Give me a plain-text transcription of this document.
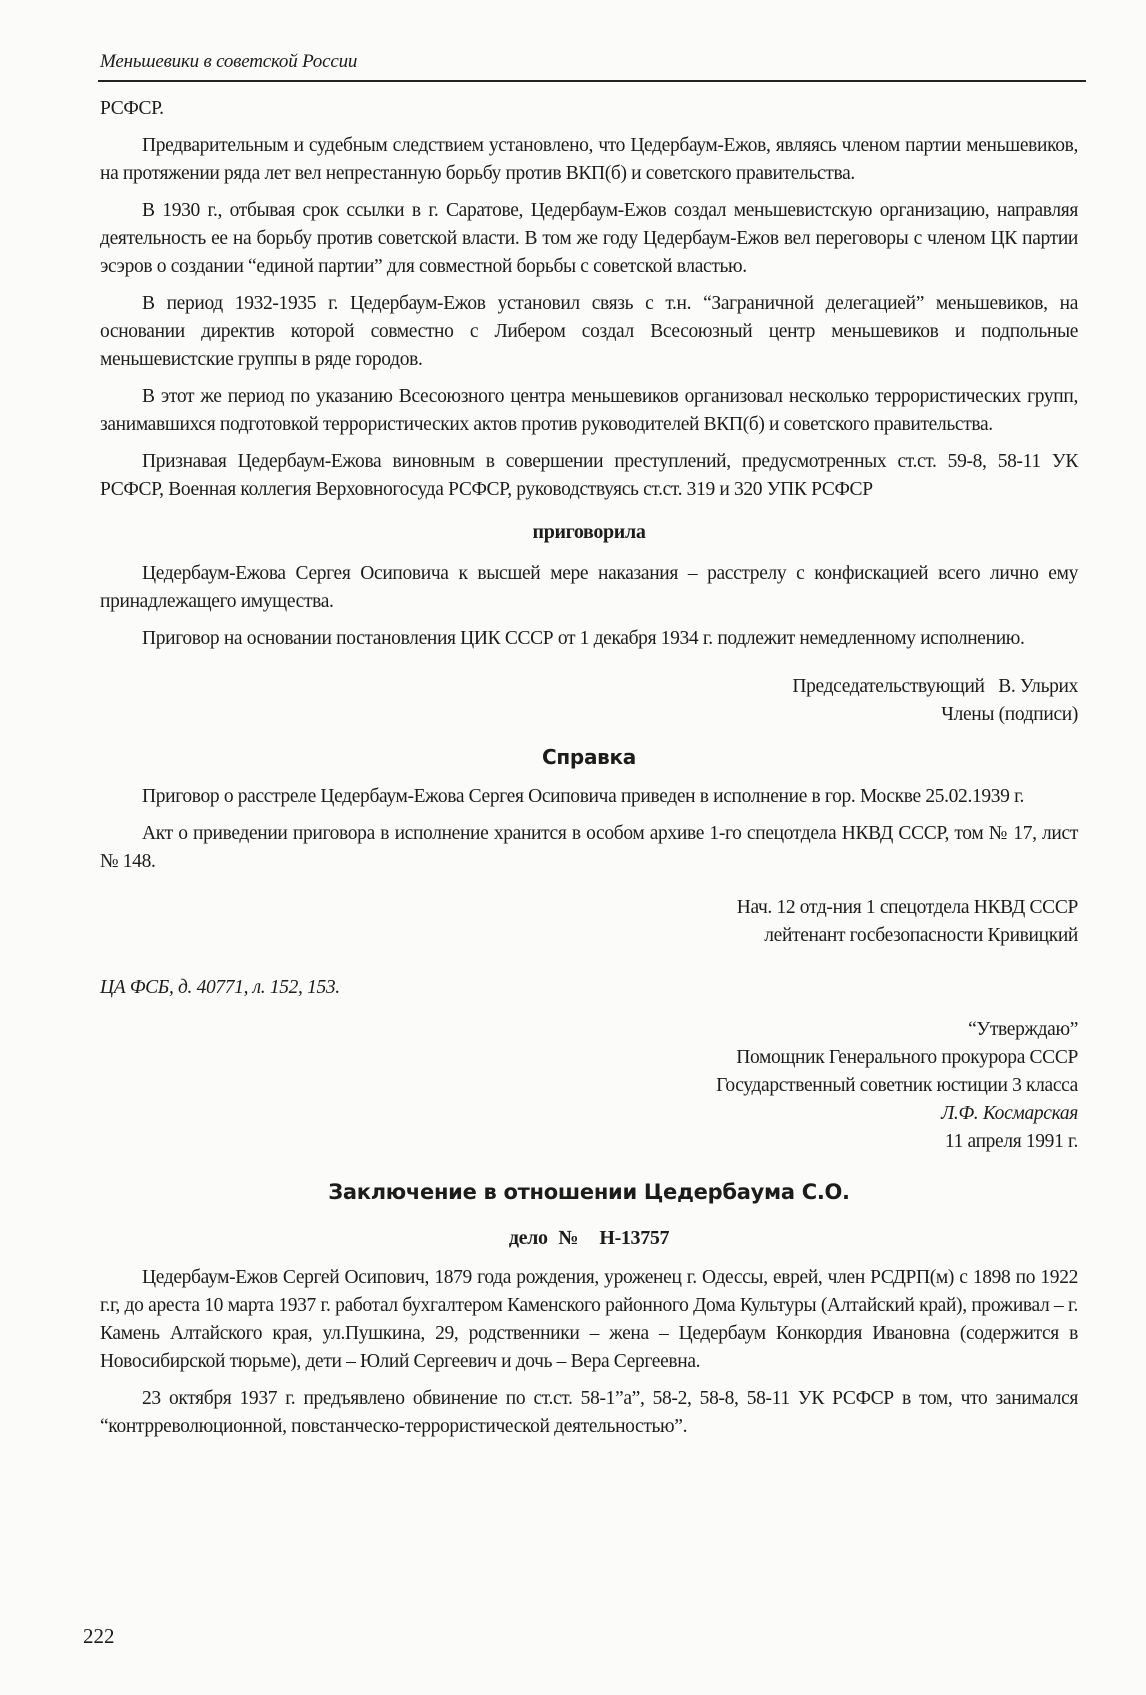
Меньшевики в советской России

РСФСР.

Предварительным и судебным следствием установлено, что Цедербаум-Ежов, являясь членом партии меньшевиков, на протяжении ряда лет вел непрестанную борьбу против ВКП(б) и советского правительства.

В 1930 г., отбывая срок ссылки в г. Саратове, Цедербаум-Ежов создал меньшевистскую организацию, направляя деятельность ее на борьбу против советской власти. В том же году Цедербаум-Ежов вел переговоры с членом ЦК партии эсэров о создании “единой партии” для совместной борьбы с советской властью.

В период 1932-1935 г. Цедербаум-Ежов установил связь с т.н. “Заграничной делегацией” меньшевиков, на основании директив которой совместно с Либером создал Всесоюзный центр меньшевиков и подпольные меньшевистские группы в ряде городов.

В этот же период по указанию Всесоюзного центра меньшевиков организовал несколько террористических групп, занимавшихся подготовкой террористических актов против руководителей ВКП(б) и советского правительства.

Признавая Цедербаум-Ежова виновным в совершении преступлений, предусмотренных ст.ст. 59-8, 58-11 УК РСФСР, Военная коллегия Верховногосуда РСФСР, руководствуясь ст.ст. 319 и 320 УПК РСФСР

приговорила

Цедербаум-Ежова Сергея Осиповича к высшей мере наказания – расстрелу с конфискацией всего лично ему принадлежащего имущества.

Приговор на основании постановления ЦИК СССР от 1 декабря 1934 г. подлежит немедленному исполнению.

Председательствующий   В. Ульрих
Члены (подписи)

Справка

Приговор о расстреле Цедербаум-Ежова Сергея Осиповича приведен в исполнение в гор. Москве 25.02.1939 г.

Акт о приведении приговора в исполнение хранится в особом архиве 1-го спецотдела НКВД СССР, том № 17, лист № 148.

Нач. 12 отд-ния 1 спецотдела НКВД СССР
лейтенант госбезопасности Кривицкий

ЦА ФСБ, д. 40771, л. 152, 153.

“Утверждаю”
Помощник Генерального прокурора СССР
Государственный советник юстиции 3 класса
Л.Ф. Космарская
11 апреля 1991 г.

Заключение в отношении Цедербаума С.О.

дело №  Н-13757

Цедербаум-Ежов Сергей Осипович, 1879 года рождения, уроженец г. Одессы, еврей, член РСДРП(м) с 1898 по 1922 г.г, до ареста 10 марта 1937 г. работал бухгалтером Каменского районного Дома Культуры (Алтайский край), проживал – г. Камень Алтайского края, ул.Пушкина, 29, родственники – жена – Цедербаум Конкордия Ивановна (содержится в Новосибирской тюрьме), дети – Юлий Сергеевич и дочь – Вера Сергеевна.

23 октября 1937 г. предъявлено обвинение по ст.ст. 58-1”а”, 58-2, 58-8, 58-11 УК РСФСР в том, что занимался “контрреволюционной, повстанческо-террористической деятельностью”.

222
